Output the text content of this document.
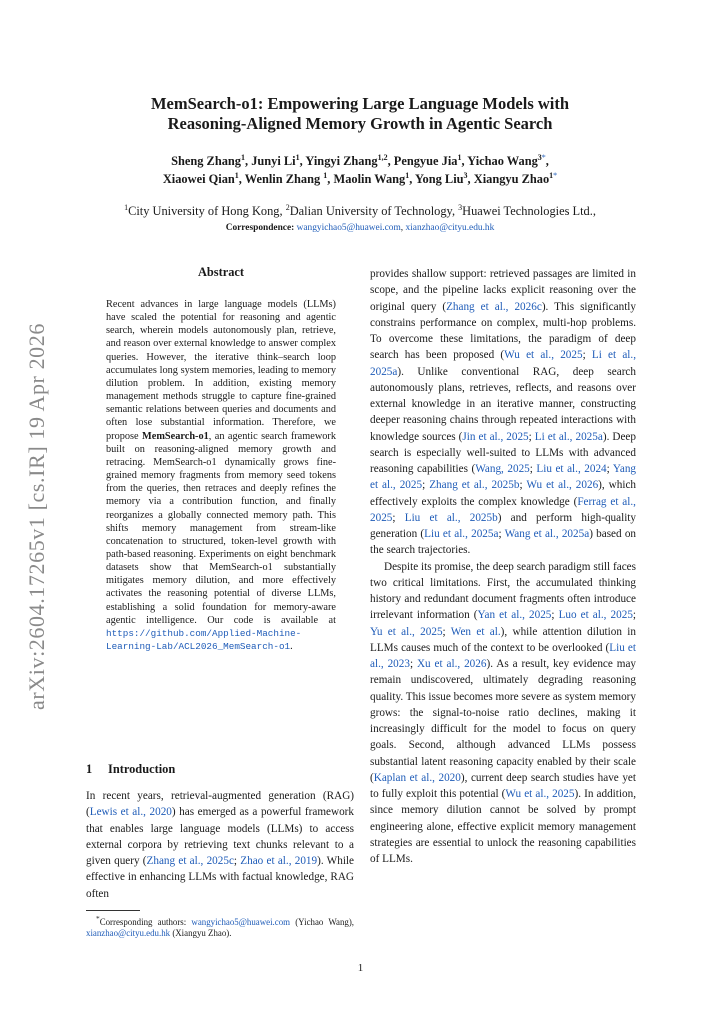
arXiv:2604.17265v1 [cs.IR] 19 Apr 2026
MemSearch-o1: Empowering Large Language Models with
Reasoning-Aligned Memory Growth in Agentic Search
Sheng Zhang$^1$, Junyi Li$^1$, Yingyi Zhang$^{1,2}$, Pengyue Jia$^1$, Yichao Wang$^{3*}$,
Xiaowei Qian$^1$, Wenlin Zhang $^1$, Maolin Wang$^1$, Yong Liu$^3$, Xiangyu Zhao$^{1*}$
$^1$City University of Hong Kong, $^2$Dalian University of Technology, $^3$Huawei Technologies Ltd.,
Correspondence: wangyichao5@huawei.com, xianzhao@cityu.edu.hk
Abstract
Recent advances in large language models (LLMs) have scaled the potential for reasoning and agentic search, wherein models autonomously plan, retrieve, and reason over external knowledge to answer complex queries. However, the iterative think–search loop accumulates long system memories, leading to memory dilution problem. In addition, existing memory management methods struggle to capture fine-grained semantic relations between queries and documents and often lose substantial information. Therefore, we propose MemSearch-o1, an agentic search framework built on reasoning-aligned memory growth and retracing. MemSearch-o1 dynamically grows fine-grained memory fragments from memory seed tokens from the queries, then retraces and deeply refines the memory via a contribution function, and finally reorganizes a globally connected memory path. This shifts memory management from stream-like concatenation to structured, token-level growth with path-based reasoning. Experiments on eight benchmark datasets show that MemSearch-o1 substantially mitigates memory dilution, and more effectively activates the reasoning potential of diverse LLMs, establishing a solid foundation for memory-aware agentic intelligence. Our code is available at https://github.com/Applied-Machine-Learning-Lab/ACL2026_MemSearch-o1.
1 Introduction
In recent years, retrieval-augmented generation (RAG) (Lewis et al., 2020) has emerged as a powerful framework that enables large language models (LLMs) to access external corpora by retrieving text chunks relevant to a given query (Zhang et al., 2025c; Zhao et al., 2019). While effective in enhancing LLMs with factual knowledge, RAG often
*Corresponding authors: wangyichao5@huawei.com (Yichao Wang), xianzhao@cityu.edu.hk (Xiangyu Zhao).

provides shallow support: retrieved passages are limited in scope, and the pipeline lacks explicit reasoning over the original query (Zhang et al., 2026c). This significantly constrains performance on complex, multi-hop problems. To overcome these limitations, the paradigm of deep search has been proposed (Wu et al., 2025; Li et al., 2025a). Unlike conventional RAG, deep search autonomously plans, retrieves, reflects, and reasons over external knowledge in an iterative manner, constructing deeper reasoning chains through repeated interactions with knowledge sources (Jin et al., 2025; Li et al., 2025a). Deep search is especially well-suited to LLMs with advanced reasoning capabilities (Wang, 2025; Liu et al., 2024; Yang et al., 2025; Zhang et al., 2025b; Wu et al., 2026), which effectively exploits the complex knowledge (Ferrag et al., 2025; Liu et al., 2025b) and perform high-quality generation (Liu et al., 2025a; Wang et al., 2025a) based on the search trajectories.

Despite its promise, the deep search paradigm still faces two critical limitations. First, the accumulated thinking history and redundant document fragments often introduce irrelevant information (Yan et al., 2025; Luo et al., 2025; Yu et al., 2025; Wen et al.), while attention dilution in LLMs causes much of the context to be overlooked (Liu et al., 2023; Xu et al., 2026). As a result, key evidence may remain undiscovered, ultimately degrading reasoning quality. This issue becomes more severe as system memory grows: the signal-to-noise ratio declines, making it increasingly difficult for the model to focus on query goals. Second, although advanced LLMs possess substantial latent reasoning capacity enabled by their scale (Kaplan et al., 2020), current deep search studies have yet to fully exploit this potential (Wu et al., 2025). In addition, since memory dilution cannot be solved by prompt engineering alone, effective explicit memory management strategies are essential to unlock the reasoning capabilities of LLMs.

1
